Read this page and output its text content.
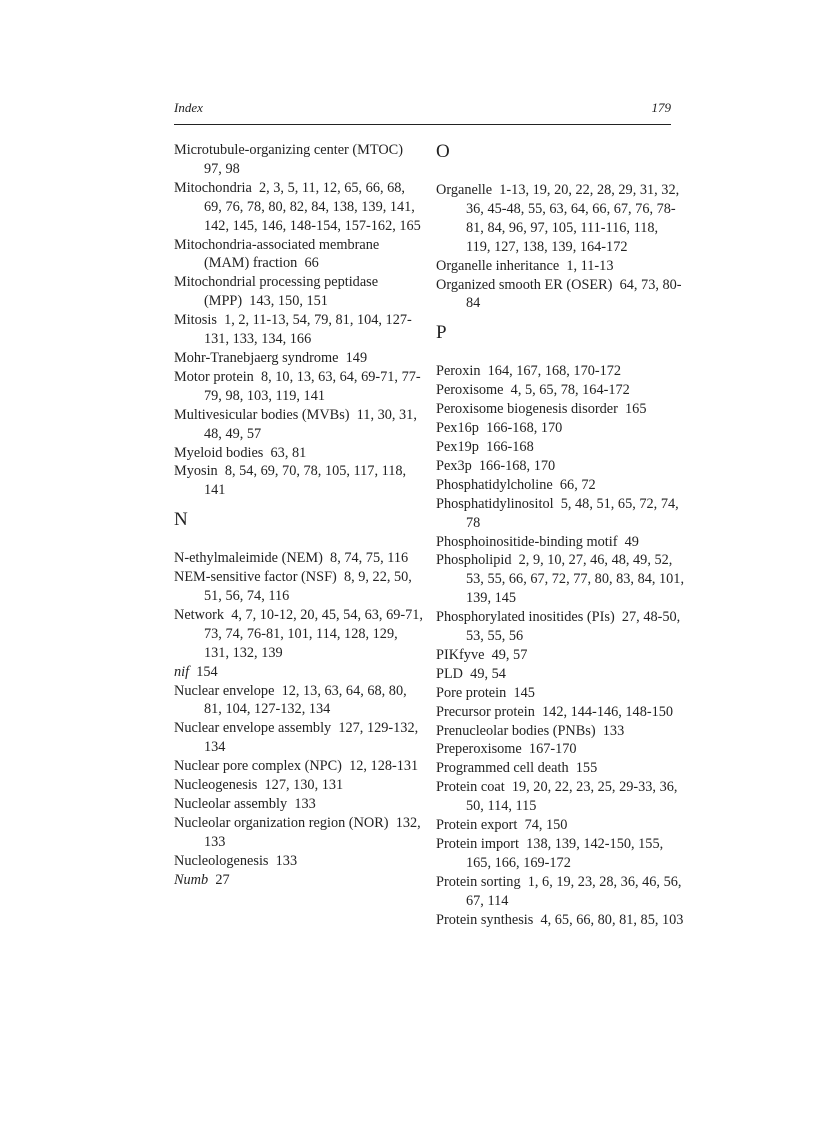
Index	179
Microtubule-organizing center (MTOC) 97, 98
Mitochondria  2, 3, 5, 11, 12, 65, 66, 68, 69, 76, 78, 80, 82, 84, 138, 139, 141, 142, 145, 146, 148-154, 157-162, 165
Mitochondria-associated membrane (MAM) fraction  66
Mitochondrial processing peptidase (MPP)  143, 150, 151
Mitosis  1, 2, 11-13, 54, 79, 81, 104, 127-131, 133, 134, 166
Mohr-Tranebjaerg syndrome  149
Motor protein  8, 10, 13, 63, 64, 69-71, 77-79, 98, 103, 119, 141
Multivesicular bodies (MVBs)  11, 30, 31, 48, 49, 57
Myeloid bodies  63, 81
Myosin  8, 54, 69, 70, 78, 105, 117, 118, 141
N
N-ethylmaleimide (NEM)  8, 74, 75, 116
NEM-sensitive factor (NSF)  8, 9, 22, 50, 51, 56, 74, 116
Network  4, 7, 10-12, 20, 45, 54, 63, 69-71, 73, 74, 76-81, 101, 114, 128, 129, 131, 132, 139
nif  154
Nuclear envelope  12, 13, 63, 64, 68, 80, 81, 104, 127-132, 134
Nuclear envelope assembly  127, 129-132, 134
Nuclear pore complex (NPC)  12, 128-131
Nucleogenesis  127, 130, 131
Nucleolar assembly  133
Nucleolar organization region (NOR)  132, 133
Nucleologenesis  133
Numb  27
O
Organelle  1-13, 19, 20, 22, 28, 29, 31, 32, 36, 45-48, 55, 63, 64, 66, 67, 76, 78-81, 84, 96, 97, 105, 111-116, 118, 119, 127, 138, 139, 164-172
Organelle inheritance  1, 11-13
Organized smooth ER (OSER)  64, 73, 80-84
P
Peroxin  164, 167, 168, 170-172
Peroxisome  4, 5, 65, 78, 164-172
Peroxisome biogenesis disorder  165
Pex16p  166-168, 170
Pex19p  166-168
Pex3p  166-168, 170
Phosphatidylcholine  66, 72
Phosphatidylinositol  5, 48, 51, 65, 72, 74, 78
Phosphoinositide-binding motif  49
Phospholipid  2, 9, 10, 27, 46, 48, 49, 52, 53, 55, 66, 67, 72, 77, 80, 83, 84, 101, 139, 145
Phosphorylated inositides (PIs)  27, 48-50, 53, 55, 56
PIKfyve  49, 57
PLD  49, 54
Pore protein  145
Precursor protein  142, 144-146, 148-150
Prenucleolar bodies (PNBs)  133
Preperoxisome  167-170
Programmed cell death  155
Protein coat  19, 20, 22, 23, 25, 29-33, 36, 50, 114, 115
Protein export  74, 150
Protein import  138, 139, 142-150, 155, 165, 166, 169-172
Protein sorting  1, 6, 19, 23, 28, 36, 46, 56, 67, 114
Protein synthesis  4, 65, 66, 80, 81, 85, 103
